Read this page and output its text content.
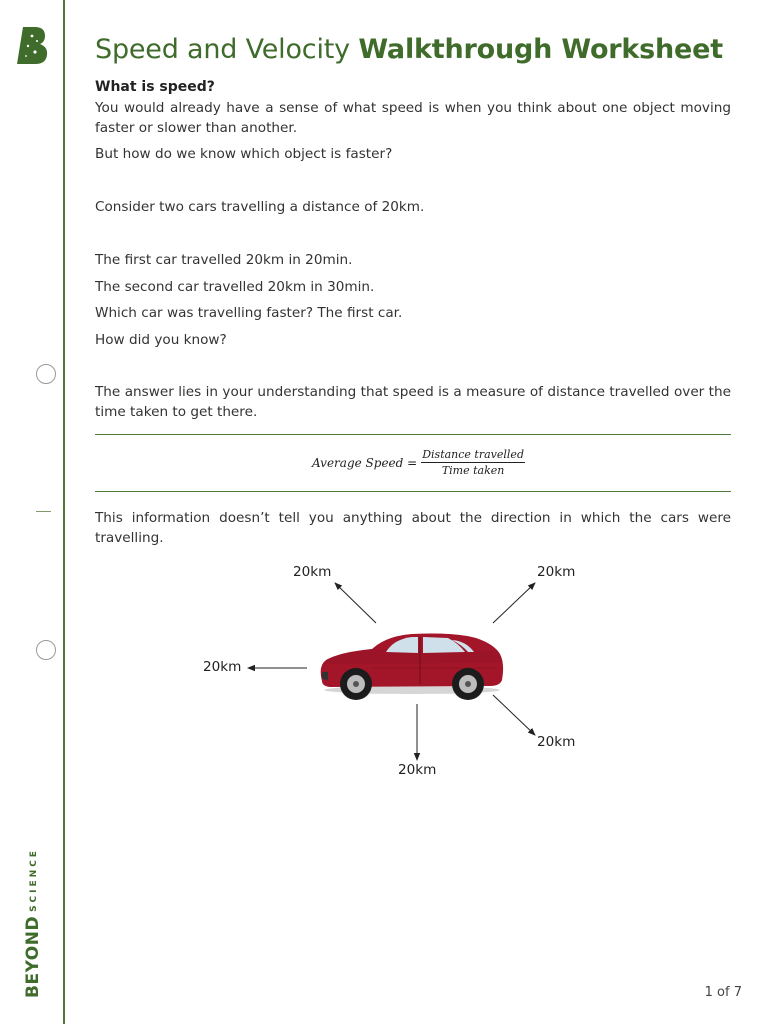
BEYONDSCIENCE
Speed and Velocity Walkthrough Worksheet
What is speed?

You would already have a sense of what speed is when you think about one object moving faster or slower than another.

But how do we know which object is faster?

Consider two cars travelling a distance of 20km.

The first car travelled 20km in 20min.

The second car travelled 20km in 30min.

Which car was travelling faster? The first car.

How did you know?

The answer lies in your understanding that speed is a measure of distance travelled over the time taken to get there.

Average Speed = $\frac{\text{Distance travelled}}{\text{Time taken}}$

This information doesn’t tell you anything about the direction in which the cars were travelling.

20km	20km
20km
20km
20km
1 of 7
